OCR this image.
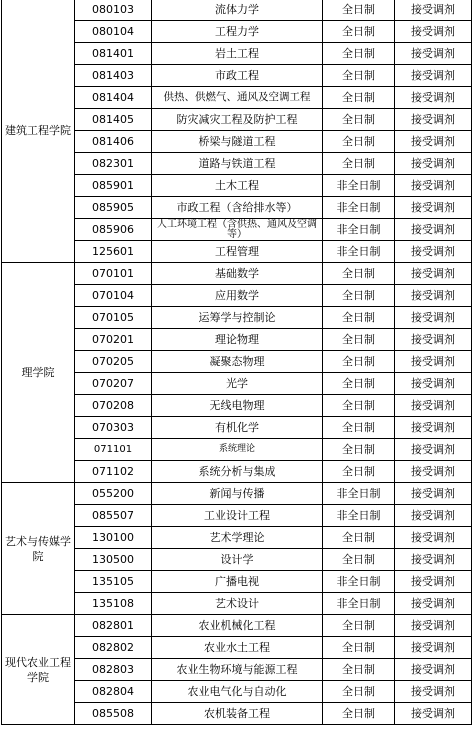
建筑工程学院	080103	流体力学	全日制	接受调剂
	080104	工程力学	全日制	接受调剂
	081401	岩土工程	全日制	接受调剂
	081403	市政工程	全日制	接受调剂
	081404	供热、供燃气、通风及空调工程	全日制	接受调剂
	081405	防灾减灾工程及防护工程	全日制	接受调剂
	081406	桥梁与隧道工程	全日制	接受调剂
	082301	道路与铁道工程	全日制	接受调剂
	085901	土木工程	非全日制	接受调剂
	085905	市政工程（含给排水等）	非全日制	接受调剂
	085906	人工环境工程（含供热、通风及空调等）	非全日制	接受调剂
	125601	工程管理	非全日制	接受调剂
理学院	070101	基础数学	全日制	接受调剂
	070104	应用数学	全日制	接受调剂
	070105	运筹学与控制论	全日制	接受调剂
	070201	理论物理	全日制	接受调剂
	070205	凝聚态物理	全日制	接受调剂
	070207	光学	全日制	接受调剂
	070208	无线电物理	全日制	接受调剂
	070303	有机化学	全日制	接受调剂
	071101	系统理论	全日制	接受调剂
	071102	系统分析与集成	全日制	接受调剂
艺术与传媒学院	055200	新闻与传播	非全日制	接受调剂
	085507	工业设计工程	非全日制	接受调剂
	130100	艺术学理论	全日制	接受调剂
	130500	设计学	全日制	接受调剂
	135105	广播电视	非全日制	接受调剂
	135108	艺术设计	非全日制	接受调剂
现代农业工程学院	082801	农业机械化工程	全日制	接受调剂
	082802	农业水土工程	全日制	接受调剂
	082803	农业生物环境与能源工程	全日制	接受调剂
	082804	农业电气化与自动化	全日制	接受调剂
	085508	农机装备工程	全日制	接受调剂
